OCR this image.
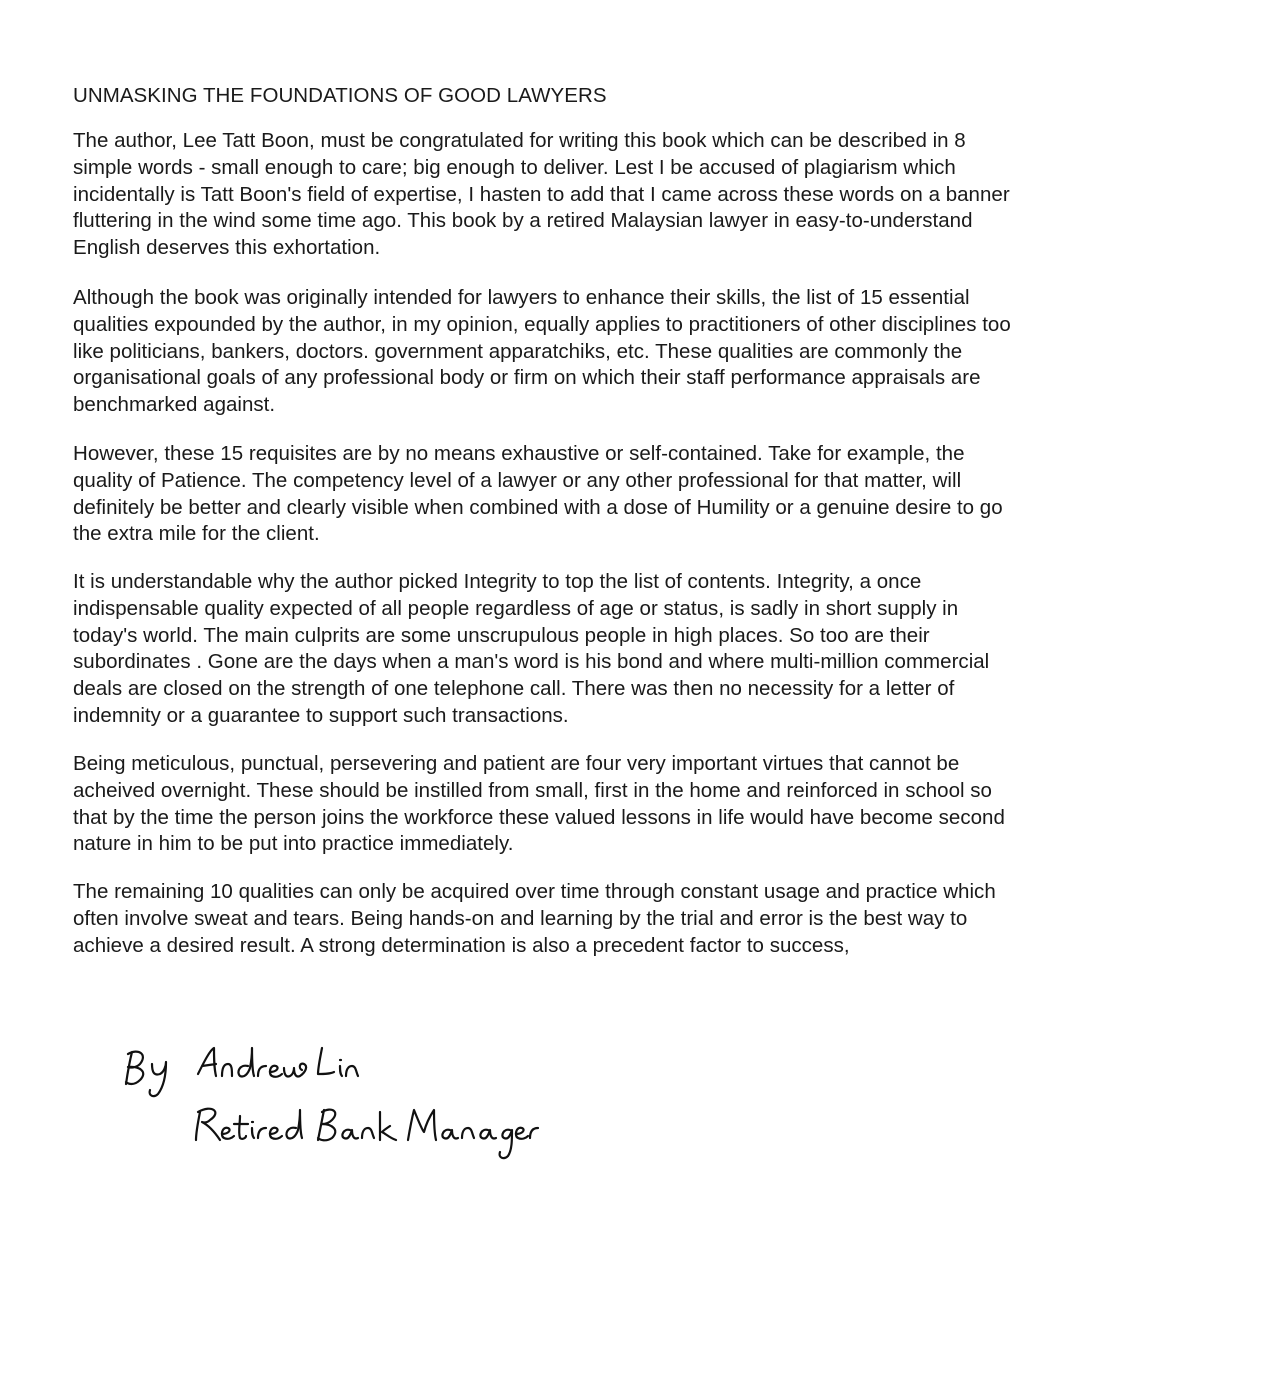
UNMASKING THE FOUNDATIONS OF GOOD LAWYERS

The author, Lee Tatt Boon, must be congratulated for writing this book which can be described in 8
simple words - small enough to care; big enough to deliver. Lest I be accused of plagiarism which
incidentally is Tatt Boon's field of expertise, I hasten to add that I came across these words on a banner
fluttering in the wind some time ago. This book by a retired Malaysian lawyer in easy-to-understand
English deserves this exhortation.

Although the book was originally intended for lawyers to enhance their skills, the list of 15 essential
qualities expounded by the author, in my opinion, equally applies to practitioners of other disciplines too
like politicians, bankers, doctors. government apparatchiks, etc. These qualities are commonly the
organisational goals of any professional body or firm on which their staff performance appraisals are
benchmarked against.

However, these 15 requisites are by no means exhaustive or self-contained. Take for example, the
quality of Patience. The competency level of a lawyer or any other professional for that matter, will
definitely be better and clearly visible when combined with a dose of Humility or a genuine desire to go
the extra mile for the client.

It is understandable why the author picked Integrity to top the list of contents. Integrity, a once
indispensable quality expected of all people regardless of age or status, is sadly in short supply in
today's world. The main culprits are some unscrupulous people in high places. So too are their
subordinates . Gone are the days when a man's word is his bond and where multi-million commercial
deals are closed on the strength of one telephone call. There was then no necessity for a letter of
indemnity or a guarantee to support such transactions.

Being meticulous, punctual, persevering and patient are four very important virtues that cannot be
acheived overnight. These should be instilled from small, first in the home and reinforced in school so
that by the time the person joins the workforce these valued lessons in life would have become second
nature in him to be put into practice immediately.

The remaining 10 qualities can only be acquired over time through constant usage and practice which
often involve sweat and tears. Being hands-on and learning by the trial and error is the best way to
achieve a desired result. A strong determination is also a precedent factor to success,
